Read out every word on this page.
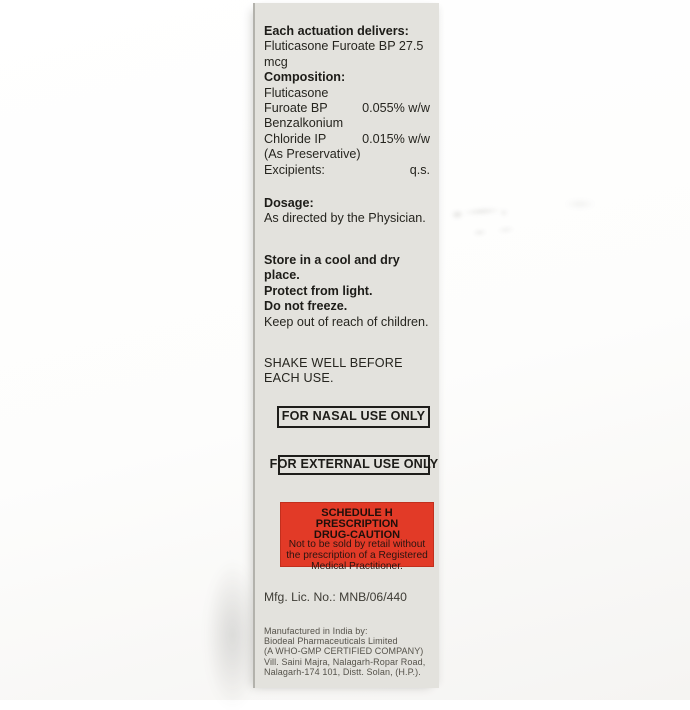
Each actuation delivers:
Fluticasone Furoate BP 27.5 mcg
Composition:
Fluticasone
Furoate BP	0.055% w/w
Benzalkonium
Chloride IP	0.015% w/w
(As Preservative)
Excipients:	q.s.
Dosage:
As directed by the Physician.
Store in a cool and dry place.
Protect from light.
Do not freeze.
Keep out of reach of children.
SHAKE WELL BEFORE
EACH USE.
FOR NASAL USE ONLY
FOR EXTERNAL USE ONLY
SCHEDULE H PRESCRIPTION
DRUG-CAUTION
Not to be sold by retail without
the prescription of a Registered
Medical Practitioner.
Mfg. Lic. No.: MNB/06/440
Manufactured in India by:
Biodeal Pharmaceuticals Limited
(A WHO-GMP CERTIFIED COMPANY)
Vill. Saini Majra, Nalagarh-Ropar Road,
Nalagarh-174 101, Distt. Solan, (H.P.).
